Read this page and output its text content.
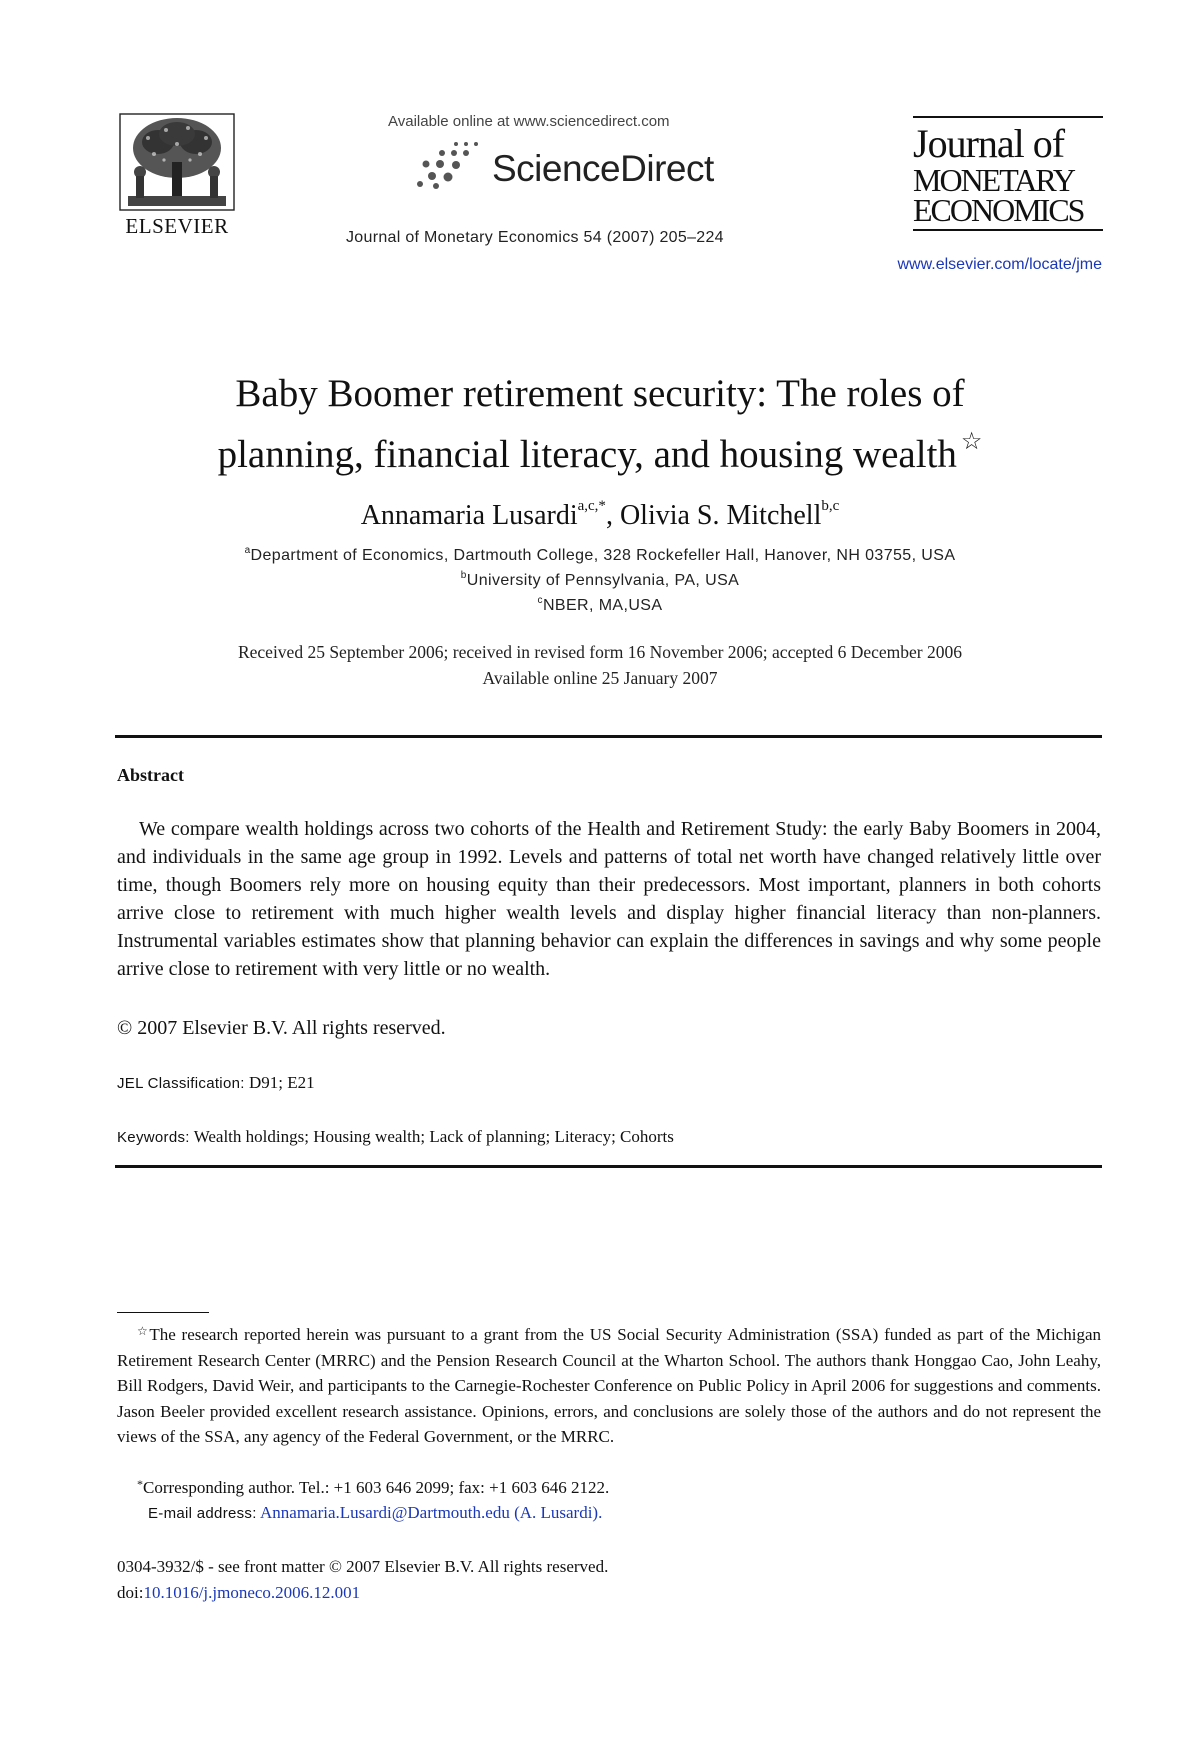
ELSEVIER
Available online at www.sciencedirect.com
ScienceDirect
Journal of Monetary Economics 54 (2007) 205–224
Journal of
MONETARY
ECONOMICS
www.elsevier.com/locate/jme
Baby Boomer retirement security: The roles of
planning, financial literacy, and housing wealth ☆
Annamaria Lusardi$^{a,c,*}$, Olivia S. Mitchell$^{b,c}$
$^a$Department of Economics, Dartmouth College, 328 Rockefeller Hall, Hanover, NH 03755, USA
$^b$University of Pennsylvania, PA, USA
$^c$NBER, MA,USA
Received 25 September 2006; received in revised form 16 November 2006; accepted 6 December 2006
Available online 25 January 2007
Abstract
We compare wealth holdings across two cohorts of the Health and Retirement Study: the early Baby Boomers in 2004, and individuals in the same age group in 1992. Levels and patterns of total net worth have changed relatively little over time, though Boomers rely more on housing equity than their predecessors. Most important, planners in both cohorts arrive close to retirement with much higher wealth levels and display higher financial literacy than non-planners. Instrumental variables estimates show that planning behavior can explain the differences in savings and why some people arrive close to retirement with very little or no wealth.
© 2007 Elsevier B.V. All rights reserved.
JEL Classification: D91; E21
Keywords: Wealth holdings; Housing wealth; Lack of planning; Literacy; Cohorts
☆The research reported herein was pursuant to a grant from the US Social Security Administration (SSA) funded as part of the Michigan Retirement Research Center (MRRC) and the Pension Research Council at the Wharton School. The authors thank Honggao Cao, John Leahy, Bill Rodgers, David Weir, and participants to the Carnegie-Rochester Conference on Public Policy in April 2006 for suggestions and comments. Jason Beeler provided excellent research assistance. Opinions, errors, and conclusions are solely those of the authors and do not represent the views of the SSA, any agency of the Federal Government, or the MRRC.
*Corresponding author. Tel.: +1 603 646 2099; fax: +1 603 646 2122.
E-mail address: Annamaria.Lusardi@Dartmouth.edu (A. Lusardi).
0304-3932/$ - see front matter © 2007 Elsevier B.V. All rights reserved.
doi:10.1016/j.jmoneco.2006.12.001
